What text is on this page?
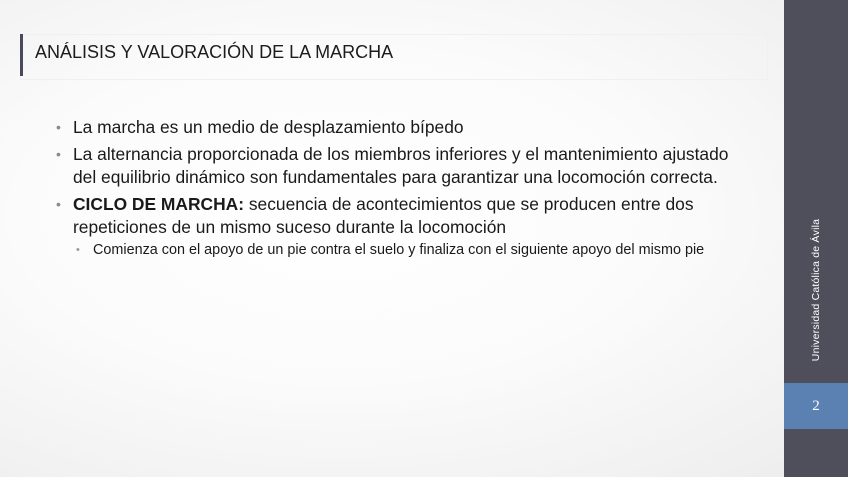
ANÁLISIS Y VALORACIÓN DE LA MARCHA
• La marcha es un medio de desplazamiento bípedo
• La alternancia proporcionada de los miembros inferiores y el mantenimiento ajustado del equilibrio dinámico son fundamentales para garantizar una locomoción correcta.
• CICLO DE MARCHA: secuencia de acontecimientos que se producen entre dos repeticiones de un mismo suceso durante la locomoción
• Comienza con el apoyo de un pie contra el suelo y finaliza con el siguiente apoyo del mismo pie	Universidad Católica de Ávila
2
